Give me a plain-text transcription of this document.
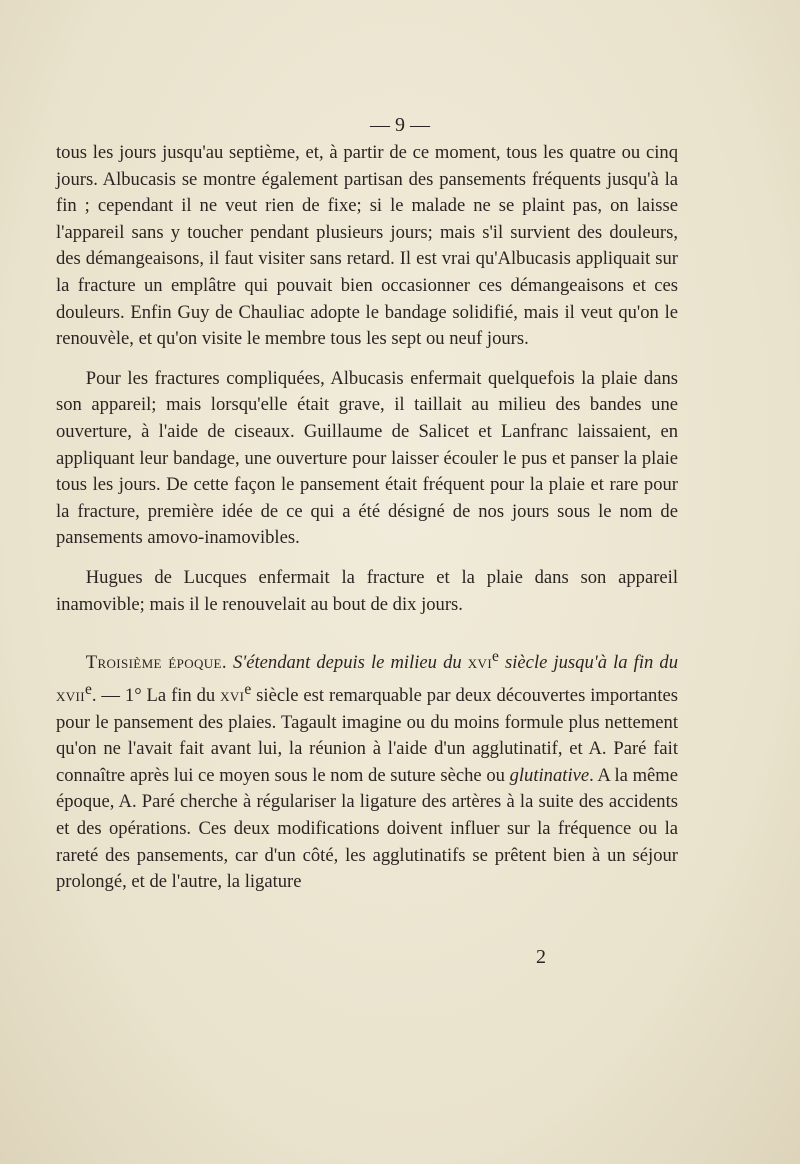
— 9 —

tous les jours jusqu'au septième, et, à partir de ce moment, tous les quatre ou cinq jours. Albucasis se montre également partisan des pansements fréquents jusqu'à la fin ; cependant il ne veut rien de fixe; si le malade ne se plaint pas, on laisse l'appareil sans y toucher pendant plusieurs jours; mais s'il survient des douleurs, des démangeaisons, il faut visiter sans retard. Il est vrai qu'Albucasis appliquait sur la fracture un emplâtre qui pouvait bien occasionner ces démangeaisons et ces douleurs. Enfin Guy de Chauliac adopte le bandage solidifié, mais il veut qu'on le renouvèle, et qu'on visite le membre tous les sept ou neuf jours.

Pour les fractures compliquées, Albucasis enfermait quelquefois la plaie dans son appareil; mais lorsqu'elle était grave, il taillait au milieu des bandes une ouverture, à l'aide de ciseaux. Guillaume de Salicet et Lanfranc laissaient, en appliquant leur bandage, une ouverture pour laisser écouler le pus et panser la plaie tous les jours. De cette façon le pansement était fréquent pour la plaie et rare pour la fracture, première idée de ce qui a été désigné de nos jours sous le nom de pansements amovo-inamovibles.

Hugues de Lucques enfermait la fracture et la plaie dans son appareil inamovible; mais il le renouvelait au bout de dix jours.

Troisième époque. S'étendant depuis le milieu du xvi$^e$ siècle jusqu'à la fin du xvii$^e$. — 1° La fin du xvi$^e$ siècle est remarquable par deux découvertes importantes pour le pansement des plaies. Tagault imagine ou du moins formule plus nettement qu'on ne l'avait fait avant lui, la réunion à l'aide d'un agglutinatif, et A. Paré fait connaître après lui ce moyen sous le nom de suture sèche ou glutinative. A la même époque, A. Paré cherche à régulariser la ligature des artères à la suite des accidents et des opérations. Ces deux modifications doivent influer sur la fréquence ou la rareté des pansements, car d'un côté, les agglutinatifs se prêtent bien à un séjour prolongé, et de l'autre, la ligature

2
